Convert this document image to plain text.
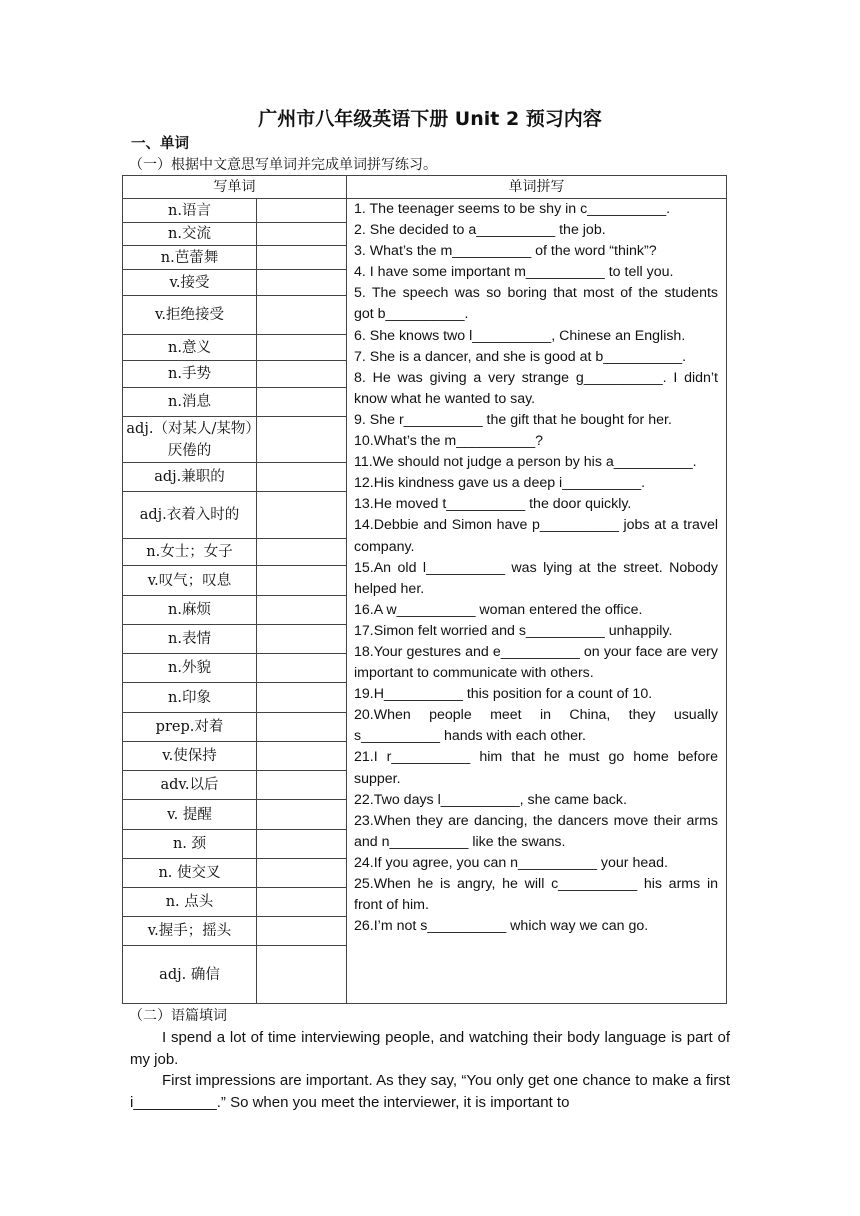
广州市八年级英语下册 Unit 2 预习内容
一、单词
（一）根据中文意思写单词并完成单词拼写练习。
写单词	单词拼写
n.语言
n.交流
n.芭蕾舞
v.接受
v.拒绝接受
n.意义
n.手势
n.消息
adj.（对某人/某物）厌倦的
adj.兼职的
adj.衣着入时的
n.女士；女子
v.叹气；叹息
n.麻烦
n.表情
n.外貌
n.印象
prep.对着
v.使保持
adv.以后
v. 提醒
n. 颈
n. 使交叉
n. 点头
v.握手；摇头
adj. 确信
1. The teenager seems to be shy in c__________.
2. She decided to a__________ the job.
3. What’s the m__________ of the word “think”?
4. I have some important m__________ to tell you.
5. The speech was so boring that most of the students got b__________.
6. She knows two l__________, Chinese an English.
7. She is a dancer, and she is good at b__________.
8. He was giving a very strange g__________. I didn’t know what he wanted to say.
9. She r__________ the gift that he bought for her.
10.What’s the m__________?
11.We should not judge a person by his a__________.
12.His kindness gave us a deep i__________.
13.He moved t__________ the door quickly.
14.Debbie and Simon have p__________ jobs at a travel company.
15.An old l__________ was lying at the street. Nobody helped her.
16.A w__________ woman entered the office.
17.Simon felt worried and s__________ unhappily.
18.Your gestures and e__________ on your face are very important to communicate with others.
19.H__________ this position for a count of 10.
20.When people meet in China, they usually s__________ hands with each other.
21.I r__________ him that he must go home before supper.
22.Two days l__________, she came back.
23.When they are dancing, the dancers move their arms and n__________ like the swans.
24.If you agree, you can n__________ your head.
25.When he is angry, he will c__________ his arms in front of him.
26.I’m not s__________ which way we can go.
（二）语篇填词
I spend a lot of time interviewing people, and watching their body language is part of my job.
First impressions are important. As they say, “You only get one chance to make a first i__________.” So when you meet the interviewer, it is important to
